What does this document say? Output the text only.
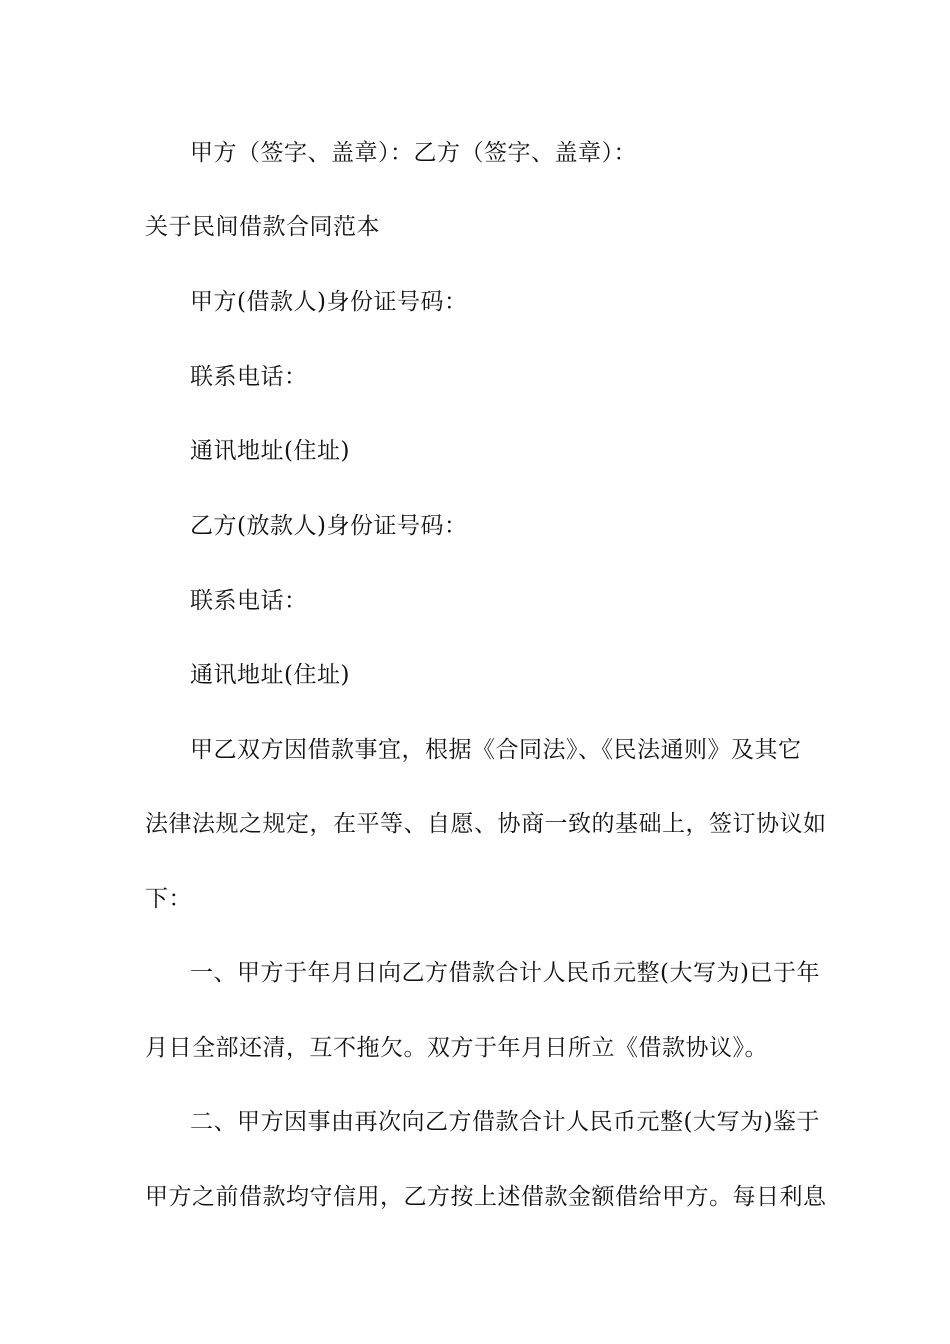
甲方（签字、盖章）：乙方（签字、盖章）：
关于民间借款合同范本
甲方(借款人)身份证号码：
联系电话：
通讯地址(住址)
乙方(放款人)身份证号码：
联系电话：
通讯地址(住址)
甲乙双方因借款事宜，根据《合同法》、《民法通则》及其它
法律法规之规定，在平等、自愿、协商一致的基础上，签订协议如
下：
一、甲方于年月日向乙方借款合计人民币元整(大写为)已于年
月日全部还清，互不拖欠。双方于年月日所立《借款协议》。
二、甲方因事由再次向乙方借款合计人民币元整(大写为)鉴于
甲方之前借款均守信用，乙方按上述借款金额借给甲方。每日利息
